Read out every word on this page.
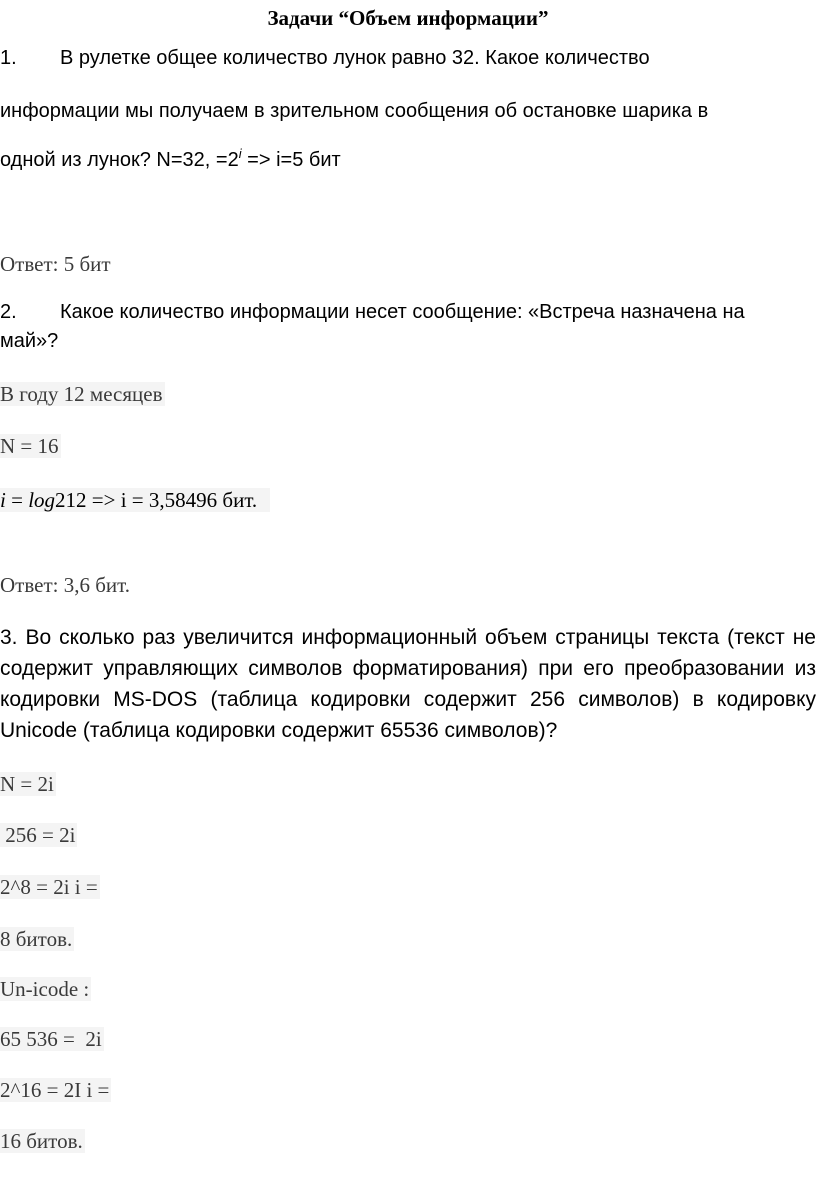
Задачи “Объем информации”
1. В рулетке общее количество лунок равно 32. Какое количество
информации мы получаем в зрительном сообщения об остановке шарика в
одной из лунок? N=32, $=2^i => i=5$ бит
Ответ: 5 бит
2. Какое количество информации несет сообщение: «Встреча назначена на
май»?
В году 12 месяцев
N = 16
i = log212 => i = 3,58496 бит.
Ответ: 3,6 бит.
3. Во сколько раз увеличится информационный объем страницы текста (текст не
содержит управляющих символов форматирования) при его преобразовании из
кодировки MS-DOS (таблица кодировки содержит 256 символов) в кодировку
Unicode (таблица кодировки содержит 65536 символов)?
N = 2i
256 = 2i
2^8 = 2i i =
8 битов.
Un-icode :
65 536 =  2i
2^16 = 2I i =
16 битов.
